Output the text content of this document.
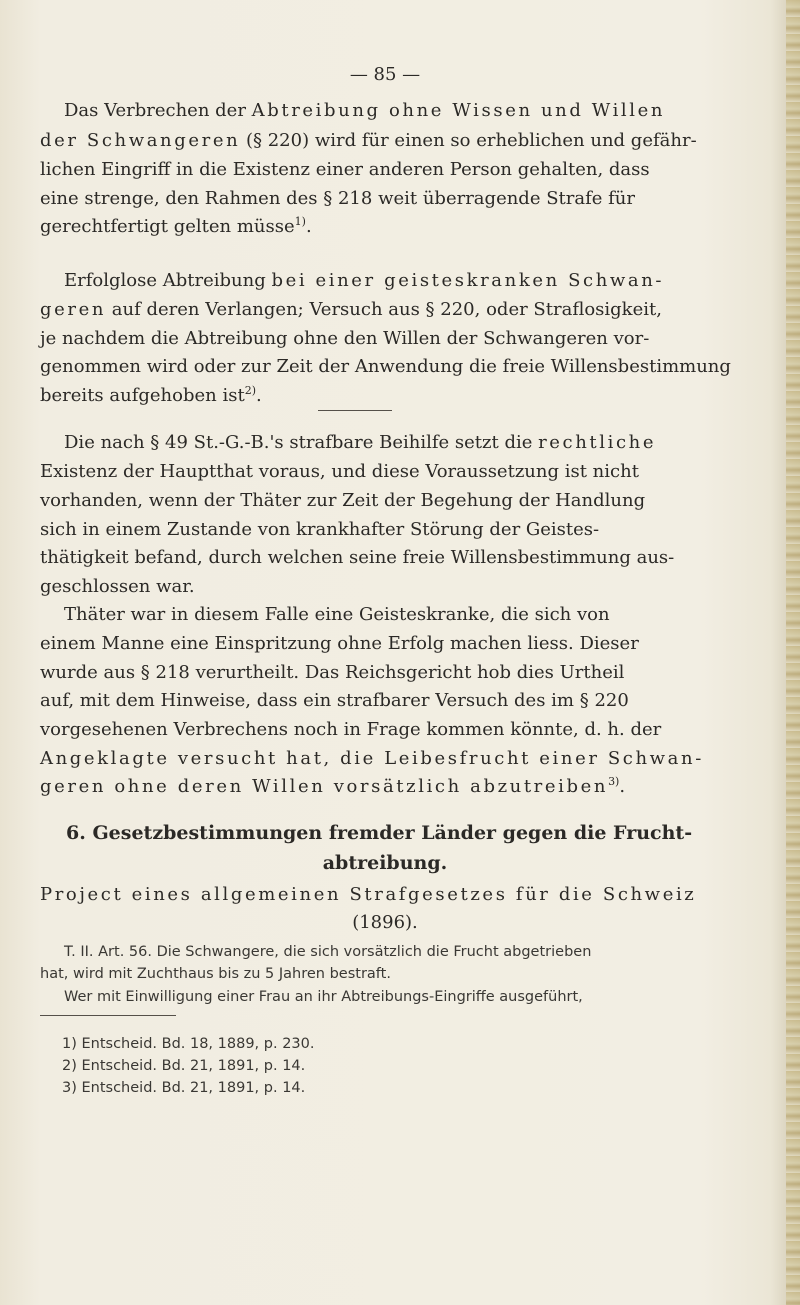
— 85 —
Das Verbrechen der Abtreibung ohne Wissen und Willen
der Schwangeren (§ 220) wird für einen so erheblichen und gefähr-
lichen Eingriff in die Existenz einer anderen Person gehalten, dass
eine strenge, den Rahmen des § 218 weit überragende Strafe für
gerechtfertigt gelten müsse$^{1)}$.
Erfolglose Abtreibung bei einer geisteskranken Schwan-
geren auf deren Verlangen; Versuch aus § 220, oder Straflosigkeit,
je nachdem die Abtreibung ohne den Willen der Schwangeren vor-
genommen wird oder zur Zeit der Anwendung die freie Willensbestimmung
bereits aufgehoben ist$^{2)}$.
Die nach § 49 St.-G.-B.'s strafbare Beihilfe setzt die rechtliche
Existenz der Hauptthat voraus, und diese Voraussetzung ist nicht
vorhanden, wenn der Thäter zur Zeit der Begehung der Handlung
sich in einem Zustande von krankhafter Störung der Geistes-
thätigkeit befand, durch welchen seine freie Willensbestimmung aus-
geschlossen war.
Thäter war in diesem Falle eine Geisteskranke, die sich von
einem Manne eine Einspritzung ohne Erfolg machen liess. Dieser
wurde aus § 218 verurtheilt. Das Reichsgericht hob dies Urtheil
auf, mit dem Hinweise, dass ein strafbarer Versuch des im § 220
vorgesehenen Verbrechens noch in Frage kommen könnte, d. h. der
Angeklagte versucht hat, die Leibesfrucht einer Schwan-
geren ohne deren Willen vorsätzlich abzutreiben$^{3)}$.
6. Gesetzbestimmungen fremder Länder gegen die Frucht-
abtreibung.
Project eines allgemeinen Strafgesetzes für die Schweiz
(1896).
T. II. Art. 56. Die Schwangere, die sich vorsätzlich die Frucht abgetrieben
hat, wird mit Zuchthaus bis zu 5 Jahren bestraft.
Wer mit Einwilligung einer Frau an ihr Abtreibungs-Eingriffe ausgeführt,
1) Entscheid. Bd. 18, 1889, p. 230.
2) Entscheid. Bd. 21, 1891, p. 14.
3) Entscheid. Bd. 21, 1891, p. 14.
